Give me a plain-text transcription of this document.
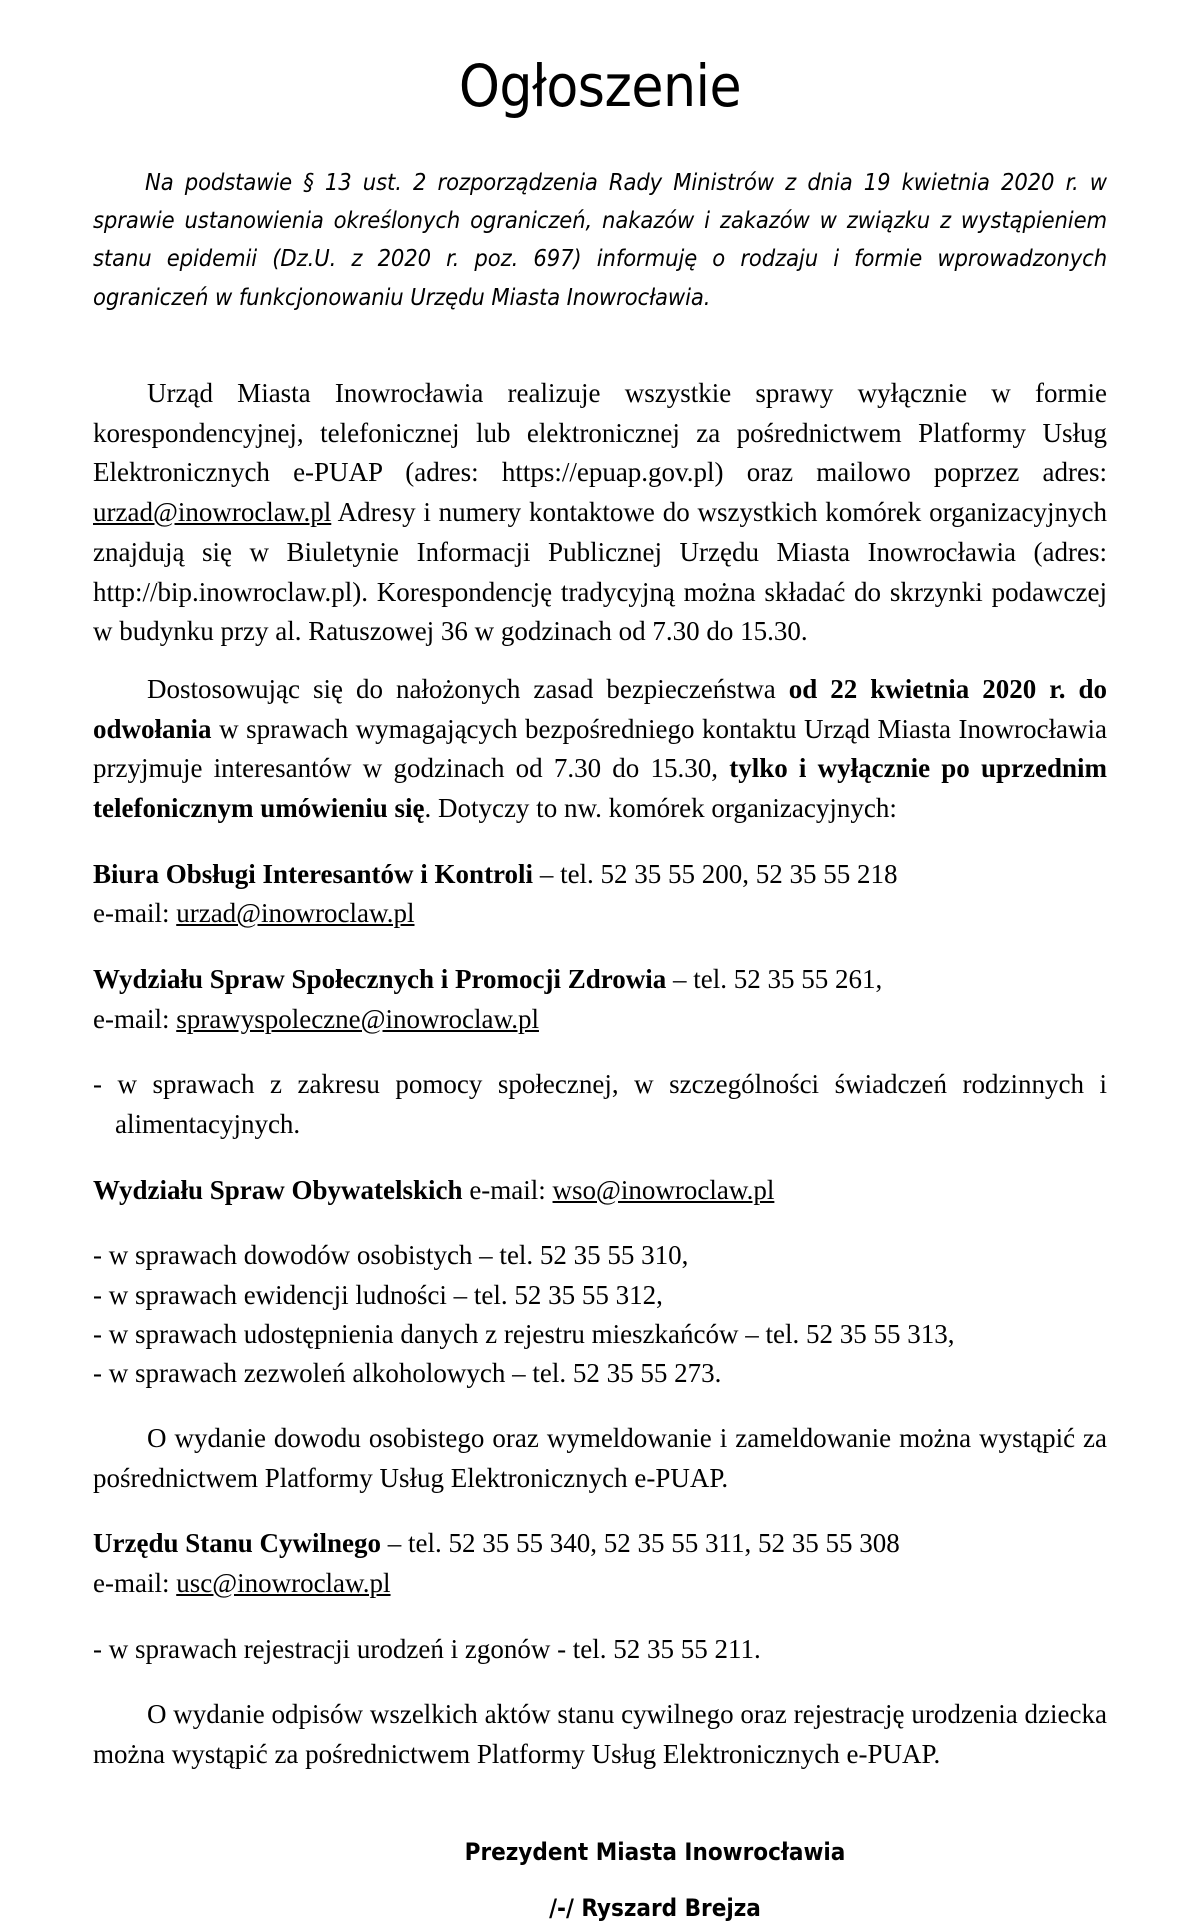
Ogłoszenie

Na podstawie § 13 ust. 2 rozporządzenia Rady Ministrów z dnia 19 kwietnia 2020 r. w sprawie ustanowienia określonych ograniczeń, nakazów i zakazów w związku z wystąpieniem stanu epidemii (Dz.U. z 2020 r. poz. 697) informuję o rodzaju i formie wprowadzonych ograniczeń w funkcjonowaniu Urzędu Miasta Inowrocławia.

Urząd Miasta Inowrocławia realizuje wszystkie sprawy wyłącznie w formie korespondencyjnej, telefonicznej lub elektronicznej za pośrednictwem Platformy Usług Elektronicznych e-PUAP (adres: https://epuap.gov.pl) oraz mailowo poprzez adres: urzad@inowroclaw.pl Adresy i numery kontaktowe do wszystkich komórek organizacyjnych znajdują się w Biuletynie Informacji Publicznej Urzędu Miasta Inowrocławia (adres: http://bip.inowroclaw.pl). Korespondencję tradycyjną można składać do skrzynki podawczej w budynku przy al. Ratuszowej 36 w godzinach od 7.30 do 15.30.

Dostosowując się do nałożonych zasad bezpieczeństwa od 22 kwietnia 2020 r. do odwołania w sprawach wymagających bezpośredniego kontaktu Urząd Miasta Inowrocławia przyjmuje interesantów w godzinach od 7.30 do 15.30, tylko i wyłącznie po uprzednim telefonicznym umówieniu się. Dotyczy to nw. komórek organizacyjnych:

Biura Obsługi Interesantów i Kontroli – tel. 52 35 55 200, 52 35 55 218

e-mail: urzad@inowroclaw.pl

Wydziału Spraw Społecznych i Promocji Zdrowia – tel. 52 35 55 261,

e-mail: sprawyspoleczne@inowroclaw.pl

- w sprawach z zakresu pomocy społecznej, w szczególności świadczeń rodzinnych i alimentacyjnych.

Wydziału Spraw Obywatelskich e-mail: wso@inowroclaw.pl

- w sprawach dowodów osobistych – tel. 52 35 55 310,
- w sprawach ewidencji ludności – tel. 52 35 55 312,
- w sprawach udostępnienia danych z rejestru mieszkańców – tel. 52 35 55 313,
- w sprawach zezwoleń alkoholowych – tel. 52 35 55 273.

O wydanie dowodu osobistego oraz wymeldowanie i zameldowanie można wystąpić za pośrednictwem Platformy Usług Elektronicznych e-PUAP.

Urzędu Stanu Cywilnego – tel. 52 35 55 340, 52 35 55 311, 52 35 55 308

e-mail: usc@inowroclaw.pl

- w sprawach rejestracji urodzeń i zgonów - tel. 52 35 55 211.

O wydanie odpisów wszelkich aktów stanu cywilnego oraz rejestrację urodzenia dziecka można wystąpić za pośrednictwem Platformy Usług Elektronicznych e-PUAP.

Prezydent Miasta Inowrocławia

/-/ Ryszard Brejza
